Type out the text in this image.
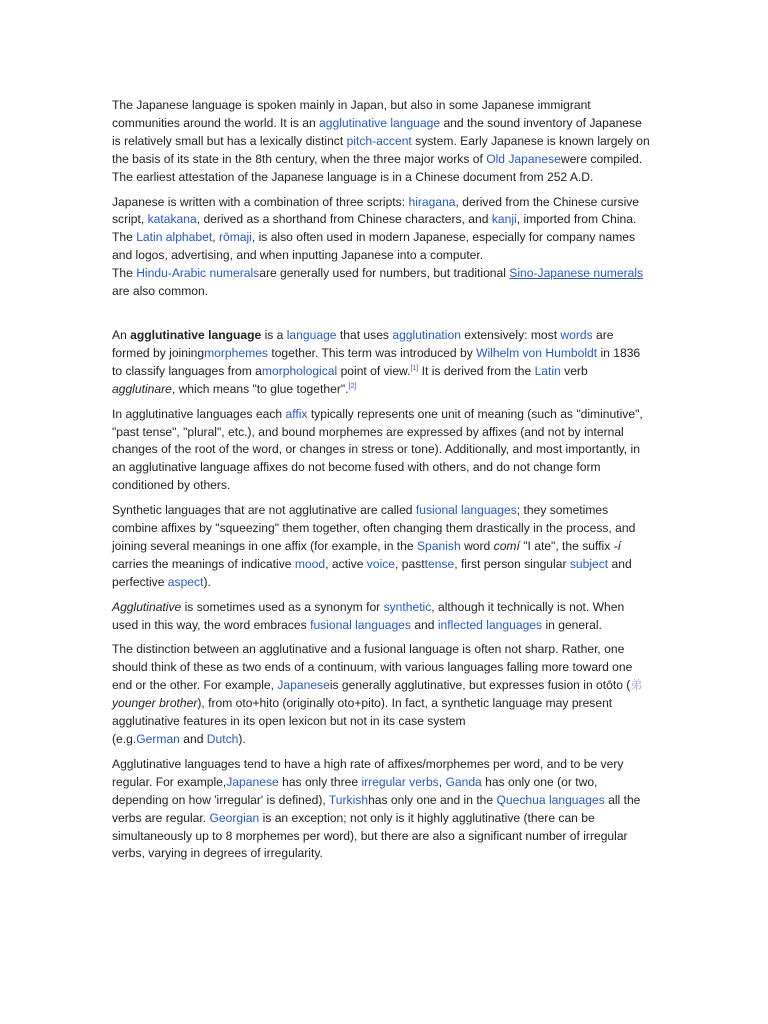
The Japanese language is spoken mainly in Japan, but also in some Japanese immigrant communities around the world. It is an agglutinative language and the sound inventory of Japanese is relatively small but has a lexically distinct pitch-accent system. Early Japanese is known largely on the basis of its state in the 8th century, when the three major works of Old Japanesewere compiled. The earliest attestation of the Japanese language is in a Chinese document from 252 A.D.

Japanese is written with a combination of three scripts: hiragana, derived from the Chinese cursive script, katakana, derived as a shorthand from Chinese characters, and kanji, imported from China. The Latin alphabet, rōmaji, is also often used in modern Japanese, especially for company names and logos, advertising, and when inputting Japanese into a computer.
The Hindu-Arabic numeralsare generally used for numbers, but traditional Sino-Japanese numerals are also common.

An agglutinative language is a language that uses agglutination extensively: most words are formed by joiningmorphemes together. This term was introduced by Wilhelm von Humboldt in 1836 to classify languages from amorphological point of view.[1] It is derived from the Latin verb agglutinare, which means "to glue together".[2]

In agglutinative languages each affix typically represents one unit of meaning (such as "diminutive", "past tense", "plural", etc.), and bound morphemes are expressed by affixes (and not by internal changes of the root of the word, or changes in stress or tone). Additionally, and most importantly, in an agglutinative language affixes do not become fused with others, and do not change form conditioned by others.

Synthetic languages that are not agglutinative are called fusional languages; they sometimes combine affixes by "squeezing" them together, often changing them drastically in the process, and joining several meanings in one affix (for example, in the Spanish word comí "I ate", the suffix -í carries the meanings of indicative mood, active voice, pasttense, first person singular subject and perfective aspect).

Agglutinative is sometimes used as a synonym for synthetic, although it technically is not. When used in this way, the word embraces fusional languages and inflected languages in general.

The distinction between an agglutinative and a fusional language is often not sharp. Rather, one should think of these as two ends of a continuum, with various languages falling more toward one end or the other. For example, Japaneseis generally agglutinative, but expresses fusion in otōto (弟 younger brother), from oto+hito (originally oto+pito). In fact, a synthetic language may present agglutinative features in its open lexicon but not in its case system
(e.g.German and Dutch).

Agglutinative languages tend to have a high rate of affixes/morphemes per word, and to be very regular. For example,Japanese has only three irregular verbs, Ganda has only one (or two, depending on how 'irregular' is defined), Turkishhas only one and in the Quechua languages all the verbs are regular. Georgian is an exception; not only is it highly agglutinative (there can be simultaneously up to 8 morphemes per word), but there are also a significant number of irregular verbs, varying in degrees of irregularity.
